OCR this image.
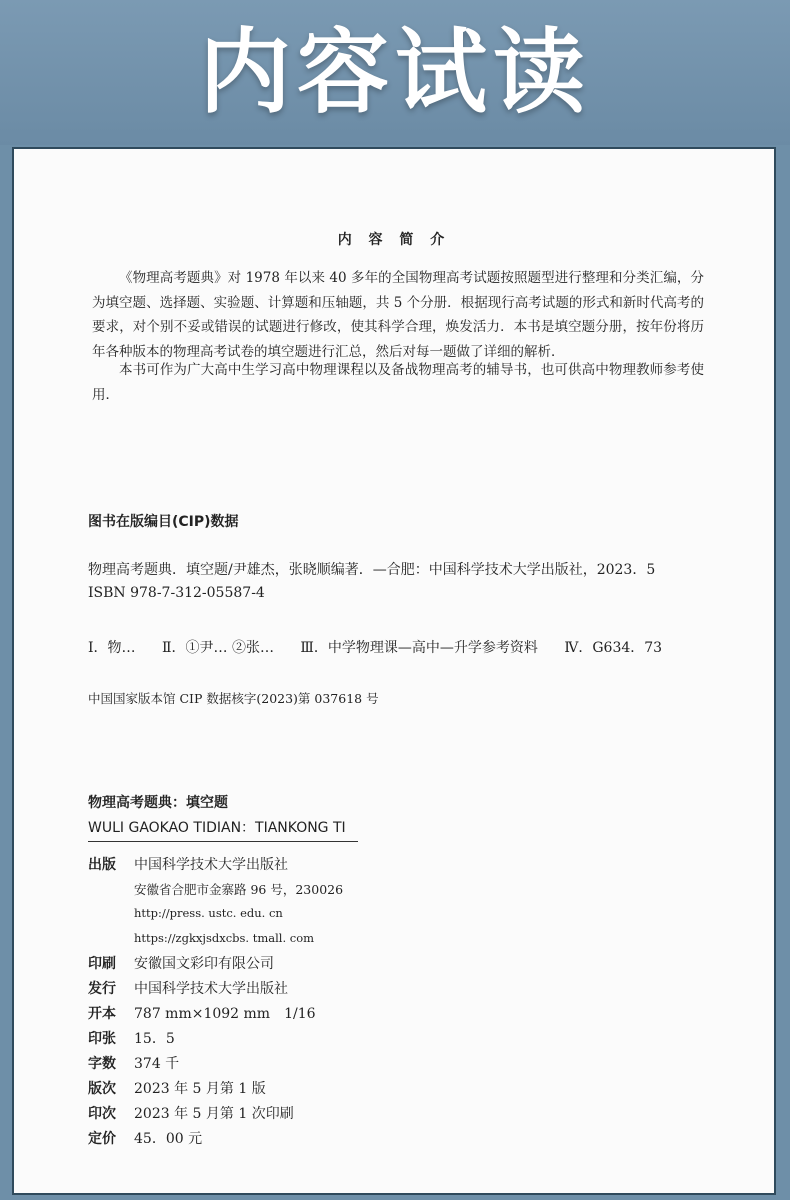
内容试读
内 容 简 介

《物理高考题典》对 1978 年以来 40 多年的全国物理高考试题按照题型进行整理和分类汇编，分为填空题、选择题、实验题、计算题和压轴题，共 5 个分册．根据现行高考试题的形式和新时代高考的要求，对个别不妥或错误的试题进行修改，使其科学合理，焕发活力．本书是填空题分册，按年份将历年各种版本的物理高考试卷的填空题进行汇总，然后对每一题做了详细的解析．

本书可作为广大高中生学习高中物理课程以及备战物理高考的辅导书，也可供高中物理教师参考使用．

图书在版编目(CIP)数据
物理高考题典．填空题/尹雄杰，张晓顺编著．—合肥：中国科学技术大学出版社，2023．5
ISBN 978-7-312-05587-4
Ⅰ．物… Ⅱ．①尹… ②张… Ⅲ．中学物理课—高中—升学参考资料 Ⅳ．G634．73
中国国家版本馆 CIP 数据核字(2023)第 037618 号
物理高考题典：填空题
WULI GAOKAO TIDIAN：TIANKONG TI
出版 中国科学技术大学出版社
安徽省合肥市金寨路 96 号，230026
http://press. ustc. edu. cn
https://zgkxjsdxcbs. tmall. com
印刷 安徽国文彩印有限公司
发行 中国科学技术大学出版社
开本 787 mm×1092 mm　1/16
印张 15．5
字数 374 千
版次 2023 年 5 月第 1 版
印次 2023 年 5 月第 1 次印刷
定价 45．00 元
